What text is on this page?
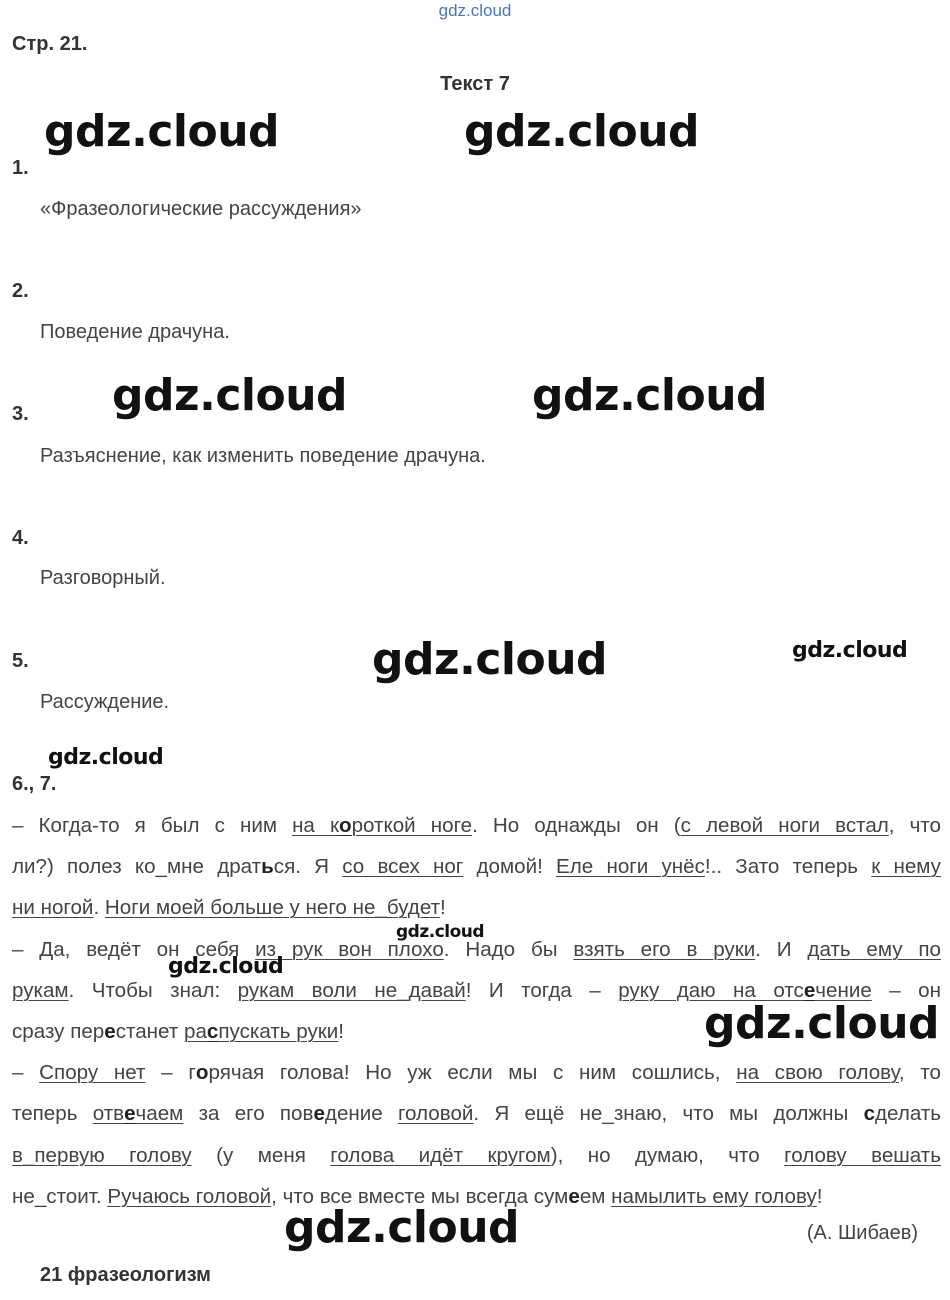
gdz.cloud
Стр. 21.
Текст 7
1.
«Фразеологические рассуждения»
2.
Поведение драчуна.
3.
Разъяснение, как изменить поведение драчуна.
4.
Разговорный.
5.
Рассуждение.
6., 7.
– Когда-то я был с ним на короткой ноге. Но однажды он (с левой ноги встал, что
ли?) полез ко_мне драться. Я со всех ног домой! Еле ноги унёс!.. Зато теперь к нему
ни ногой. Ноги моей больше у него не_будет!
– Да, ведёт он себя из рук вон плохо. Надо бы взять его в руки. И дать ему по
рукам. Чтобы знал: рукам воли не_давай! И тогда – руку даю на отсечение – он
сразу перестанет распускать руки!
– Спору нет – горячая голова! Но уж если мы с ним сошлись, на свою голову, то
теперь отвечаем за его поведение головой. Я ещё не_знаю, что мы должны сделать
в_первую голову (у меня голова идёт кругом), но думаю, что голову вешать
не_стоит. Ручаюсь головой, что все вместе мы всегда сумеем намылить ему голову!
(А. Шибаев)
21 фразеологизм
gdz.cloud	gdz.cloud
gdz.cloud	gdz.cloud
gdz.cloud	gdz.cloud
gdz.cloud
gdz.cloud
gdz.cloud
gdz.cloud
gdz.cloud
